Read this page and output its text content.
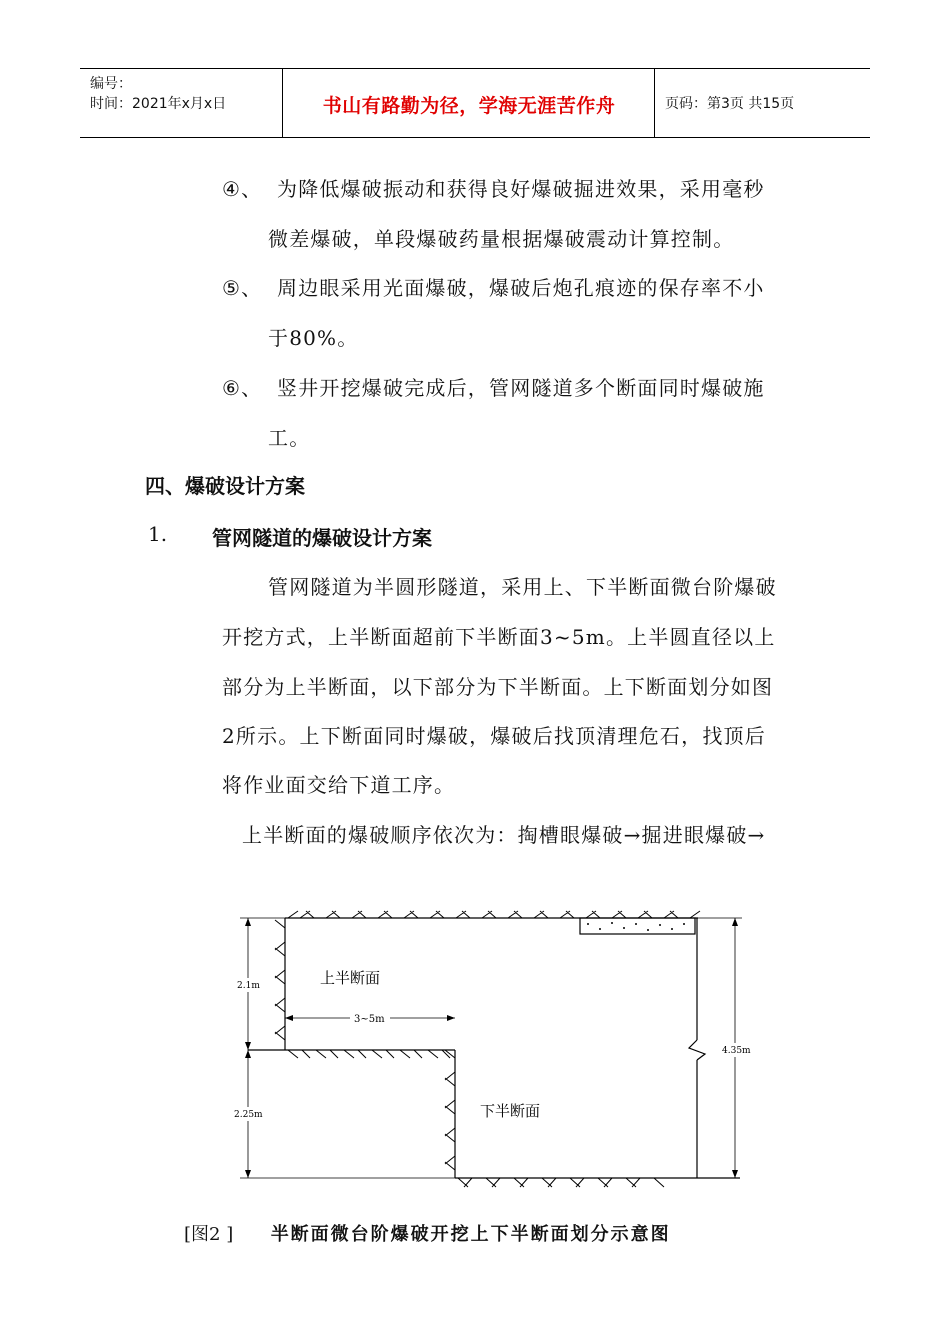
编号：
时间：2021年x月x日	书山有路勤为径，学海无涯苦作舟	页码：第3页 共15页
④、 为降低爆破振动和获得良好爆破掘进效果，采用毫秒
微差爆破，单段爆破药量根据爆破震动计算控制。
⑤、 周边眼采用光面爆破，爆破后炮孔痕迹的保存率不小
于80%。
⑥、 竖井开挖爆破完成后，管网隧道多个断面同时爆破施
工。
四、爆破设计方案
1. 管网隧道的爆破设计方案
管网隧道为半圆形隧道，采用上、下半断面微台阶爆破
开挖方式，上半断面超前下半断面3~5m。上半圆直径以上
部分为上半断面，以下部分为下半断面。上下断面划分如图
2所示。上下断面同时爆破，爆破后找顶清理危石，找顶后
将作业面交给下道工序。
上半断面的爆破顺序依次为：掏槽眼爆破→掘进眼爆破→
上半断面
下半断面
2.1m
2.25m
4.35m
3~5m
[图2 ] 半断面微台阶爆破开挖上下半断面划分示意图
